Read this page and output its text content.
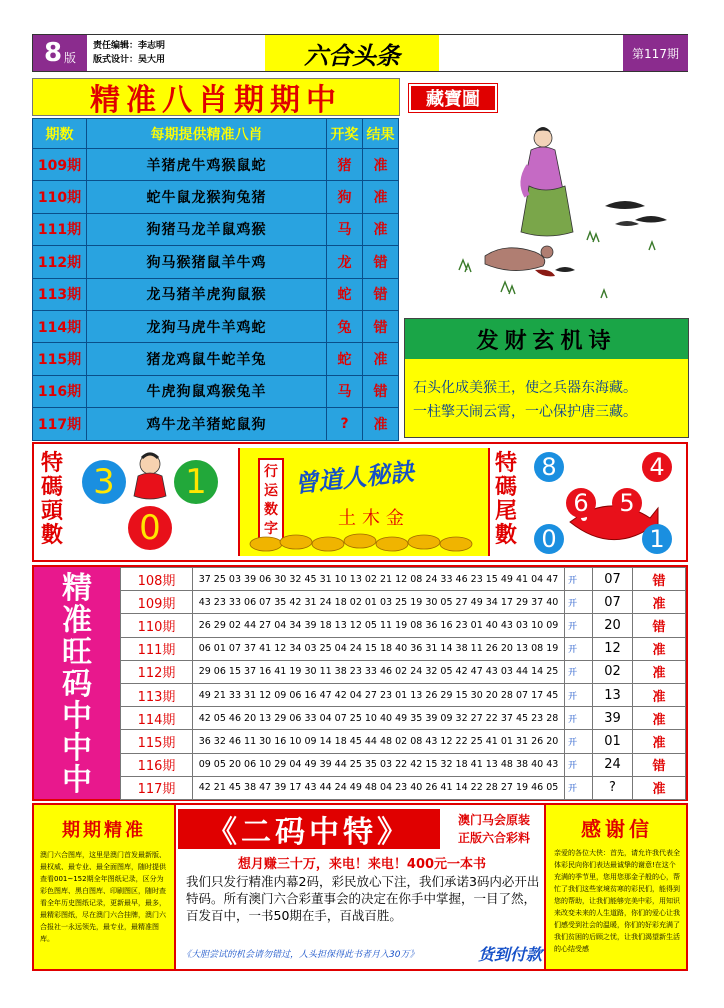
8 版
责任编辑：李志明
版式设计：吴大用	六合头条	第117期
精准八肖期期中	藏寶圖
期数	每期提供精准八肖	开奖	结果
109期	羊猪虎牛鸡猴鼠蛇	猪	准
110期	蛇牛鼠龙猴狗兔猪	狗	准
111期	狗猪马龙羊鼠鸡猴	马	准
112期	狗马猴猪鼠羊牛鸡	龙	错
113期	龙马猪羊虎狗鼠猴	蛇	错
114期	龙狗马虎牛羊鸡蛇	兔	错
115期	猪龙鸡鼠牛蛇羊兔	蛇	准
116期	牛虎狗鼠鸡猴兔羊	马	错
117期	鸡牛龙羊猪蛇鼠狗	?	准
发财玄机诗
石头化成美猴王，使之兵器东海藏。
一柱擎天闹云霄，一心保护唐三藏。
特碼頭數
3	1
0
行运数字
曾道人秘訣
土木金
特碼尾數
8	4
6	5
0	1
精
准
旺
码
中
中
中
108期	37 25 03 39 06 30 32 45 31 10 13 02 21 12 08 24 33 46 23 15 49 41 04 47	开	07	错
109期	43 23 33 06 07 35 42 31 24 18 02 01 03 25 19 30 05 27 49 34 17 29 37 40	开	07	准
110期	26 29 02 44 27 04 34 39 18 13 12 05 11 19 08 36 16 23 01 40 43 03 10 09	开	20	错
111期	06 01 07 37 41 12 34 03 25 04 24 15 18 40 36 31 14 38 11 26 20 13 08 19	开	12	准
112期	29 06 15 37 16 41 19 30 11 38 23 33 46 02 24 32 05 42 47 43 03 44 14 25	开	02	准
113期	49 21 33 31 12 09 06 16 47 42 04 27 23 01 13 26 29 15 30 20 28 07 17 45	开	13	准
114期	42 05 46 20 13 29 06 33 04 07 25 10 40 49 35 39 09 32 27 22 37 45 23 28	开	39	准
115期	36 32 46 11 30 16 10 09 14 18 45 44 48 02 08 43 12 22 25 41 01 31 26 20	开	01	准
116期	09 05 20 06 10 29 04 49 39 44 25 35 03 22 42 15 32 18 41 13 48 38 40 43	开	24	错
117期	42 21 45 38 47 39 17 43 44 24 49 48 04 23 40 26 41 14 22 28 27 19 46 05	开	?	准
期期精准
澳门六合图库，这里是澳门首发最新版、最权威、最专业、最全面图库，随时提供查看001~152期全年图纸记录，区分为彩色图库、黑白图库、印刷图区，随时查看全年历史图纸记录，更新最早，最多，最精彩图纸，尽在澳门六合挂牌，澳门六合报社一永远领先，最专业，最精准图库。
《二码中特》	澳门马会原装
正版六合彩料
想月赚三十万，来电！来电！400元一本书
我们只发行精准内幕2码，彩民放心下注，我们承诺3码内必开出特码。所有澳门六合彩董事会的决定在你手中掌握，一目了然，百发百中，一书50期在手，百战百胜。
《大胆尝试的机会请勿错过，人头担保得此书者月入30万》	货到付款
感谢信
亲爱的各位大侠：首先，请允许我代表全体彩民向你们表达最诚挚的谢意!在这个充满的季节里，您用您那金子般的心，帮忙了我们这些家境贫寒的彩民们，能得到您的帮助，让我们能够完美中彩，用知识来改变未来的人生道路，你们的爱心让我们感受到社会的温暖，你们的好彩充满了我们贫困的后顾之忧，让我们渴望新生活的心结受感
